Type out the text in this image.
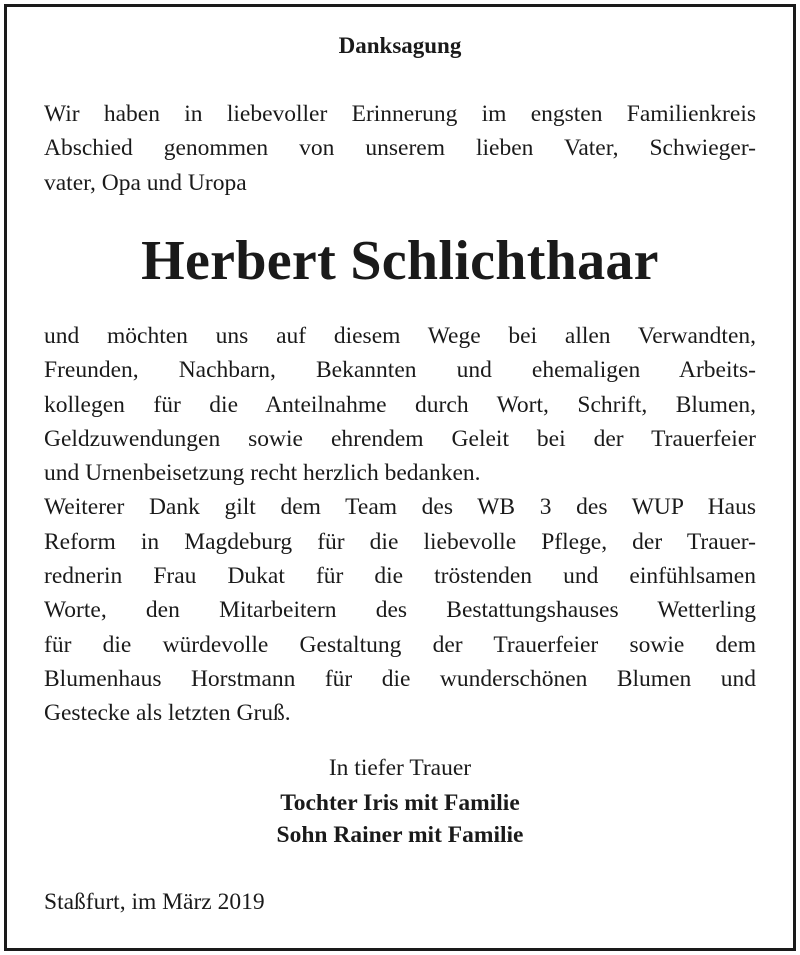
Danksagung
Wir haben in liebevoller Erinnerung im engsten Familienkreis
Abschied genommen von unserem lieben Vater, Schwieger-
vater, Opa und Uropa
Herbert Schlichthaar
und möchten uns auf diesem Wege bei allen Verwandten,
Freunden, Nachbarn, Bekannten und ehemaligen Arbeits-
kollegen für die Anteilnahme durch Wort, Schrift, Blumen,
Geldzuwendungen sowie ehrendem Geleit bei der Trauerfeier
und Urnenbeisetzung recht herzlich bedanken.
Weiterer Dank gilt dem Team des WB 3 des WUP Haus
Reform in Magdeburg für die liebevolle Pflege, der Trauer-
rednerin Frau Dukat für die tröstenden und einfühlsamen
Worte, den Mitarbeitern des Bestattungshauses Wetterling
für die würdevolle Gestaltung der Trauerfeier sowie dem
Blumenhaus Horstmann für die wunderschönen Blumen und
Gestecke als letzten Gruß.
In tiefer Trauer
Tochter Iris mit Familie
Sohn Rainer mit Familie
Staßfurt, im März 2019
